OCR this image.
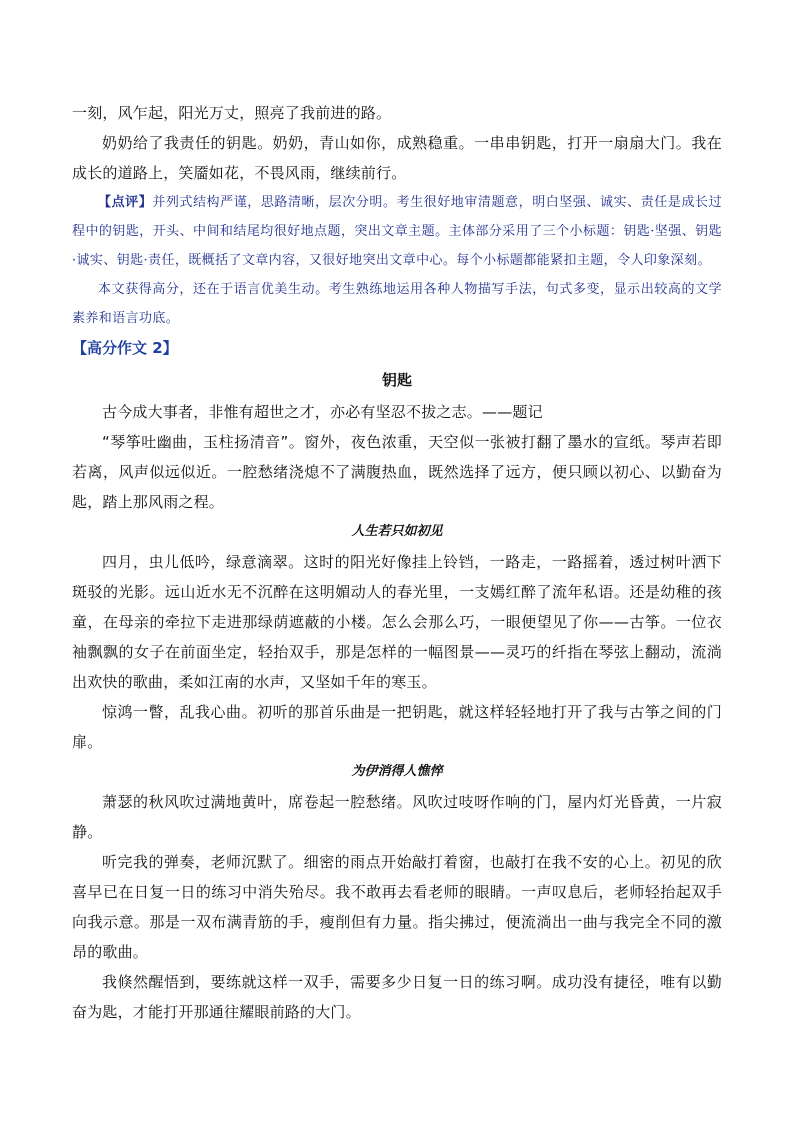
一刻，风乍起，阳光万丈，照亮了我前进的路。

奶奶给了我责任的钥匙。奶奶，青山如你，成熟稳重。一串串钥匙，打开一扇扇大门。我在成长的道路上，笑靥如花，不畏风雨，继续前行。

【点评】并列式结构严谨，思路清晰，层次分明。考生很好地审清题意，明白坚强、诚实、责任是成长过程中的钥匙，开头、中间和结尾均很好地点题，突出文章主题。主体部分采用了三个小标题：钥匙·坚强、钥匙·诚实、钥匙·责任，既概括了文章内容，又很好地突出文章中心。每个小标题都能紧扣主题，令人印象深刻。

本文获得高分，还在于语言优美生动。考生熟练地运用各种人物描写手法，句式多变，显示出较高的文学素养和语言功底。

【高分作文 2】

钥匙

古今成大事者，非惟有超世之才，亦必有坚忍不拔之志。——题记

“琴筝吐幽曲，玉柱扬清音”。窗外，夜色浓重，天空似一张被打翻了墨水的宣纸。琴声若即若离，风声似远似近。一腔愁绪浇熄不了满腹热血，既然选择了远方，便只顾以初心、以勤奋为匙，踏上那风雨之程。

人生若只如初见

四月，虫儿低吟，绿意滴翠。这时的阳光好像挂上铃铛，一路走，一路摇着，透过树叶洒下斑驳的光影。远山近水无不沉醉在这明媚动人的春光里，一支嫣红醉了流年私语。还是幼稚的孩童，在母亲的牵拉下走进那绿荫遮蔽的小楼。怎么会那么巧，一眼便望见了你——古筝。一位衣袖飘飘的女子在前面坐定，轻抬双手，那是怎样的一幅图景——灵巧的纤指在琴弦上翻动，流淌出欢快的歌曲，柔如江南的水声，又坚如千年的寒玉。

惊鸿一瞥，乱我心曲。初听的那首乐曲是一把钥匙，就这样轻轻地打开了我与古筝之间的门扉。

为伊消得人憔悴

萧瑟的秋风吹过满地黄叶，席卷起一腔愁绪。风吹过吱呀作响的门，屋内灯光昏黄，一片寂静。

听完我的弹奏，老师沉默了。细密的雨点开始敲打着窗，也敲打在我不安的心上。初见的欣喜早已在日复一日的练习中消失殆尽。我不敢再去看老师的眼睛。一声叹息后，老师轻抬起双手向我示意。那是一双布满青筋的手，瘦削但有力量。指尖拂过，便流淌出一曲与我完全不同的激昂的歌曲。

我倏然醒悟到，要练就这样一双手，需要多少日复一日的练习啊。成功没有捷径，唯有以勤奋为匙，才能打开那通往耀眼前路的大门。
